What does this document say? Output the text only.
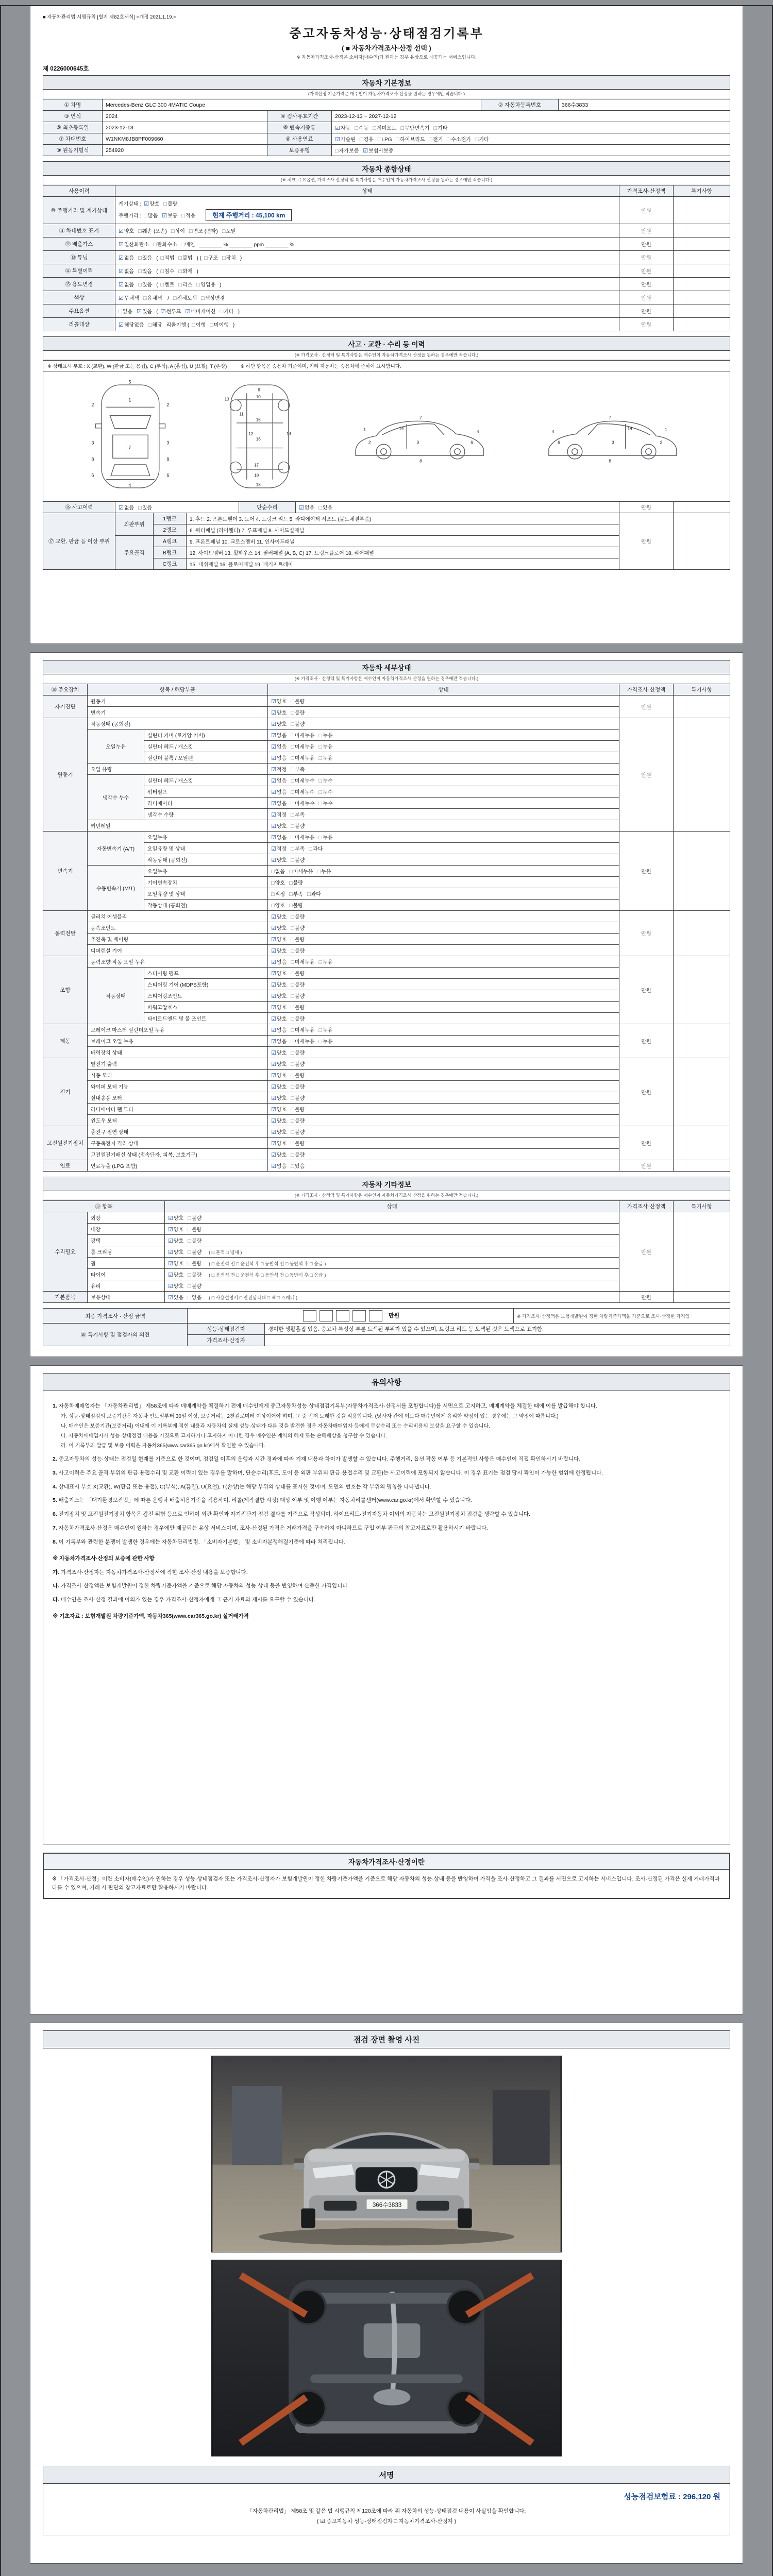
■ 자동차관리법 시행규칙 [별지 제82호서식] <개정 2021.1.19.>
중고자동차성능·상태점검기록부
( ■ 자동차가격조사·산정 선택 )
※ 자동차가격조사·산정은 소비자(매수인)가 원하는 경우 유상으로 제공되는 서비스입니다.
제 0226000645호
자동차 기본정보
(가격산정 기준가격은 매수인이 자동차가격조사·산정을 원하는 경우에만 적습니다.)
① 차명	Mercedes-Benz GLC 300 4MATIC Coupe			② 자동차등록번호	366수3833
③ 연식	2024	④ 검사유효기간	2023-12-13 ~ 2027-12-12		
⑤ 최초등록일	2023-12-13	⑥ 변속기종류	☑자동 □수동 □세미오토 □무단변속기 □기타		
⑦ 차대번호	W1NKM8JB8PF009660	⑧ 사용연료	☑가솔린 □경유 □LPG □하이브리드 □전기 □수소전기 □기타		
⑨ 원동기형식	254920	보증유형	□자가보증 ☑보험사보증		
자동차 종합상태
(※ 체크, 주요옵션, 가격조사·산정액 및 특기사항은 매수인이 자동차가격조사·산정을 원하는 경우에만 적습니다.)
사용이력	상태	가격조사·산정액	특기사항
⑩ 주행거리 및 계기상태	계기상태 : ☑양호 □불량
주행거리 : □많음 ☑보통 □적음 현재 주행거리 : 45,100 km	만원	
⑪ 차대번호 표기	☑양호 □훼손 (오손) □상이 □변조 (변타) □도말	만원	
⑫ 배출가스	☑일산화탄소 □탄화수소 □매연 ________ % ________ ppm ________ %	만원	
⑬ 튜닝	☑없음 □있음 ( □적법 □불법 ) ( □구조 □장치 )	만원	
⑭ 특별이력	☑없음 □있음 ( □침수 □화재 )	만원	
⑮ 용도변경	☑없음 □있음 ( □렌트 □리스 □영업용 )	만원	
색상	☑무채색 □유채색 / □전체도색 □색상변경	만원	
주요옵션	□없음 ☑있음 ( ☑썬루프 ☑네비게이션 □기타 )	만원	
리콜대상	☑해당없음 □해당 리콜이행 ( □이행 □미이행 )	만원	
사고 · 교환 · 수리 등 이력
(※ 가격조사 · 산정액 및 특기사항은 매수인이 자동차가격조사·산정을 원하는 경우에만 적습니다.)
※ 상태표시 부호 : X (교환), W (판금 또는 용접), C (부식), A (흠집), U (요철), T (손상)	※ 하단 항목은 승용차 기준이며, 기타 자동차는 승용차에 준하여 표시합니다.
5
1
2	2
3	3
7
8	8
6	6
4
9
10
11
12
13
14
15
16
17
18
19
1
2	3
7
14
6
4
8
1
2
3
7
14
6
4
8
⑯ 사고이력	☑없음 □있음	단순수리	☑없음 □있음	만원	
⑰ 교환, 판금 등 이상 부위	외판부위	1랭크	1. 후드 2. 프론트휀더 3. 도어 4. 트렁크 리드 5. 라디에이터 서포트 (볼트체결부품)	만원	
		2랭크	6. 쿼터패널 (리어휀더) 7. 루프패널 8. 사이드실패널		
	주요골격	A랭크	9. 프론트패널 10. 크로스멤버 11. 인사이드패널		
		B랭크	12. 사이드멤버 13. 휠하우스 14. 필러패널 (A, B, C) 17. 트렁크플로어 18. 리어패널		
		C랭크	15. 대쉬패널 16. 플로어패널 19. 패키지트레이		
자동차 세부상태
(※ 가격조사 · 산정액 및 특기사항은 매수인이 자동차가격조사·산정을 원하는 경우에만 적습니다.)
⑱ 주요장치	항목 / 해당부품		상태	가격조사·산정액	특기사항
자기진단	원동기		☑양호 □불량	만원	
	변속기		☑양호 □불량		
원동기	작동상태 (공회전)		☑양호 □불량	만원	
	오일누유	실린더 커버 (로커암 커버)	☑없음 □미세누유 □누유		
		실린더 헤드 / 개스킷	☑없음 □미세누유 □누유		
		실린더 블록 / 오일팬	☑없음 □미세누유 □누유		
	오일 유량		☑적정 □부족		
	냉각수 누수	실린더 헤드 / 개스킷	☑없음 □미세누수 □누수		
		워터펌프	☑없음 □미세누수 □누수		
		라디에이터	☑없음 □미세누수 □누수		
		냉각수 수량	☑적정 □부족		
	커먼레일		☑양호 □불량		
변속기	자동변속기 (A/T)	오일누유	☑없음 □미세누유 □누유	만원	
		오일유량 및 상태	☑적정 □부족 □과다		
		작동상태 (공회전)	☑양호 □불량		
	수동변속기 (M/T)	오일누유	□없음 □미세누유 □누유		
		기어변속장치	□양호 □불량		
		오일유량 및 상태	□적정 □부족 □과다		
		작동상태 (공회전)	□양호 □불량		
동력전달	클러치 어셈블리		☑양호 □불량	만원	
	등속조인트		☑양호 □불량		
	추진축 및 베어링		☑양호 □불량		
	디퍼렌셜 기어		☑양호 □불량		
조향	동력조향 작동 오일 누유		☑없음 □미세누유 □누유	만원	
	작동상태	스티어링 펌프	☑양호 □불량		
		스티어링 기어 (MDPS포함)	☑양호 □불량		
		스티어링조인트	☑양호 □불량		
		파워고압호스	☑양호 □불량		
		타이로드엔드 및 볼 조인트	☑양호 □불량		
제동	브레이크 마스터 실린더오일 누유		☑없음 □미세누유 □누유	만원	
	브레이크 오일 누유		☑없음 □미세누유 □누유		
	배력장치 상태		☑양호 □불량		
전기	발전기 출력		☑양호 □불량	만원	
	시동 모터		☑양호 □불량		
	와이퍼 모터 기능		☑양호 □불량		
	실내송풍 모터		☑양호 □불량		
	라디에이터 팬 모터		☑양호 □불량		
	윈도우 모터		☑양호 □불량		
고전원전기장치	충전구 절연 상태		☑양호 □불량	만원	
	구동축전지 격리 상태		☑양호 □불량		
	고전원전기배선 상태 (접속단자, 피복, 보호기구)		☑양호 □불량		
연료	연료누출 (LPG 포함)		☑없음 □있음	만원	
자동차 기타정보
(※ 가격조사 · 산정액 및 특기사항은 매수인이 자동차가격조사·산정을 원하는 경우에만 적습니다.)
⑲ 항목		상태	가격조사·산정액	특기사항
수리필요	외장	☑양호 □불량	만원	
	내장	☑양호 □불량		
	광택	☑양호 □불량		
	룸 크리닝	☑양호 □불량 ( □ 흔적 □ 냄새 )		
	휠	☑양호 □불량 ( □ 운전석 전 □ 운전석 후 □ 동반석 전 □ 동반석 후 □ 응급 )		
	타이어	☑양호 □불량 ( □ 운전석 전 □ 운전석 후 □ 동반석 전 □ 동반석 후 □ 응급 )		
	유리	☑양호 □불량		
기본품목	보유상태	☑있음 □없음 ( □ 사용설명서 □ 안전삼각대 □ 잭 □ 스패너 )	만원	
최종 가격조사 · 산정 금액	만원	※ 가격조사·산정액은 보험개발원이 정한 차량기준가액을 기준으로 조사·산정한 가격임
⑳ 특기사항 및 점검자의 의견	성능·상태점검자	경미한 생활흠집 있음. 중고차 특성상 부분 도색된 부위가 있을 수 있으며, 트렁크 리드 등 도색된 것은 도색으로 표기함.
	가격조사·산정자	
유의사항

1. 자동차매매업자는 「자동차관리법」 제58조에 따라 매매계약을 체결하기 전에 매수인에게 중고자동차성능·상태점검기록부(자동차가격조사·산정서를 포함합니다)를 서면으로 고지하고, 매매계약을 체결한 때에 이를 발급해야 합니다.

가. 성능·상태점검의 보증기간은 자동차 인도일부터 30일 이상, 보증거리는 2천킬로미터 이상이어야 하며, 그 중 먼저 도래한 것을 적용합니다. (당사자 간에 이보다 매수인에게 유리한 약정이 있는 경우에는 그 약정에 따릅니다.)

나. 매수인은 보증기간(보증거리) 이내에 이 기록부에 적힌 내용과 자동차의 실제 성능·상태가 다른 것을 발견한 경우 자동차매매업자 등에게 무상수리 또는 수리비용의 보상을 요구할 수 있습니다.

다. 자동차매매업자가 성능·상태점검 내용을 거짓으로 고지하거나 고지하지 아니한 경우 매수인은 계약의 해제 또는 손해배상을 청구할 수 있습니다.

라. 이 기록부의 발급 및 보증 이력은 자동차365(www.car365.go.kr)에서 확인할 수 있습니다.

2. 중고자동차의 성능·상태는 점검일 현재를 기준으로 한 것이며, 점검일 이후의 운행과 시간 경과에 따라 기재 내용과 차이가 발생할 수 있습니다. 주행거리, 옵션 작동 여부 등 기본적인 사항은 매수인이 직접 확인하시기 바랍니다.

3. 사고이력은 주요 골격 부위의 판금·용접수리 및 교환 이력이 있는 경우를 말하며, 단순수리(후드, 도어 등 외판 부위의 판금·용접수리 및 교환)는 사고이력에 포함되지 않습니다. 이 경우 표기는 점검 당시 확인이 가능한 범위에 한정됩니다.

4. 상태표시 부호 X(교환), W(판금 또는 용접), C(부식), A(흠집), U(요철), T(손상)는 해당 부위의 상태를 표시한 것이며, 도면의 번호는 각 부위의 명칭을 나타냅니다.

5. 배출가스는 「대기환경보전법」에 따른 운행차 배출허용기준을 적용하며, 리콜(제작결함 시정) 대상 여부 및 이행 여부는 자동차리콜센터(www.car.go.kr)에서 확인할 수 있습니다.

6. 전기장치 및 고전원전기장치 항목은 감전 위험 등으로 인하여 외관 확인과 자기진단기 점검 결과를 기준으로 작성되며, 하이브리드·전기자동차 이외의 자동차는 고전원전기장치 점검을 생략할 수 있습니다.

7. 자동차가격조사·산정은 매수인이 원하는 경우에만 제공되는 유상 서비스이며, 조사·산정된 가격은 거래가격을 구속하지 아니하므로 구입 여부 판단의 참고자료로만 활용하시기 바랍니다.

8. 이 기록부와 관련한 분쟁이 발생한 경우에는 자동차관리법령, 「소비자기본법」 및 소비자분쟁해결기준에 따라 처리됩니다.

※ 자동차가격조사·산정의 보증에 관한 사항

가. 가격조사·산정자는 자동차가격조사·산정서에 적힌 조사·산정 내용을 보증합니다.

나. 가격조사·산정액은 보험개발원이 정한 차량기준가액을 기준으로 해당 자동차의 성능·상태 등을 반영하여 산출한 가격입니다.

다. 매수인은 조사·산정 결과에 이의가 있는 경우 가격조사·산정자에게 그 근거 자료의 제시를 요구할 수 있습니다.

※ 기초자료 : 보험개발원 차량기준가액, 자동차365(www.car365.go.kr) 실거래가격

자동차가격조사·산정이란
※ 「가격조사·산정」이란 소비자(매수인)가 원하는 경우 성능·상태점검자 또는 가격조사·산정자가 보험개발원이 정한 차량기준가액을 기준으로 해당 자동차의 성능·상태 등을 반영하여 가격을 조사·산정하고 그 결과를 서면으로 고지하는 서비스입니다. 조사·산정된 가격은 실제 거래가격과 다를 수 있으며, 거래 시 판단의 참고자료로만 활용하시기 바랍니다.
점검 장면 촬영 사진
366수3833
서명
성능점검보험료 : 296,120 원
「자동차관리법」 제58조 및 같은 법 시행규칙 제120조에 따라 위 자동차의 성능·상태점검 내용이 사실임을 확인합니다.
( ☑ 중고자동차 성능·상태점검자 □ 자동차가격조사·산정자 )
